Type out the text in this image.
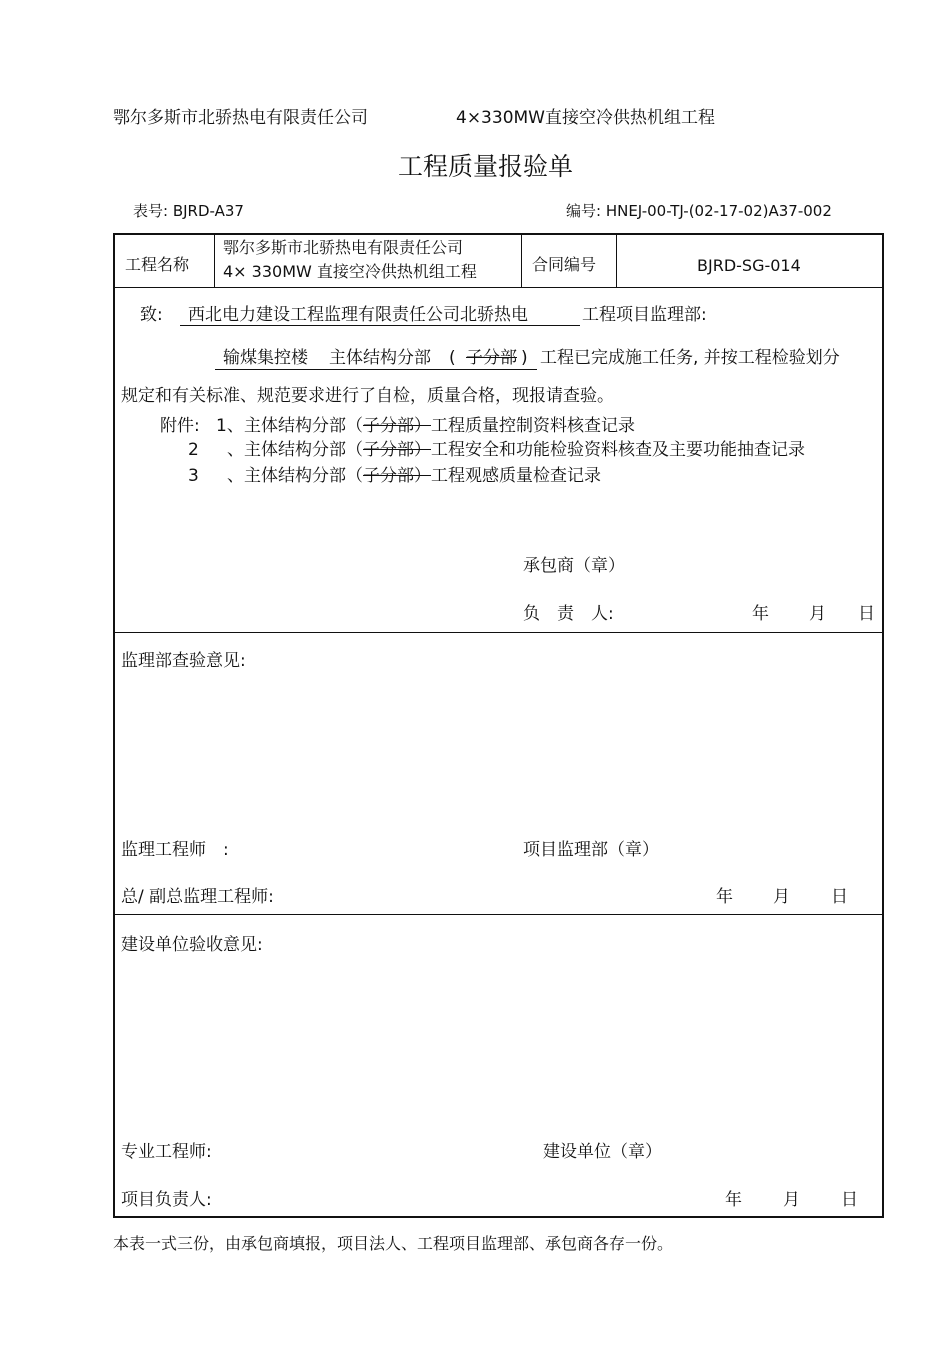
鄂尔多斯市北骄热电有限责任公司	4×330MW直接空冷供热机组工程
工程质量报验单
表号: BJRD-A37	编号: HNEJ-00-TJ-(02-17-02)A37-002
工程名称
鄂尔多斯市北骄热电有限责任公司
4× 330MW 直接空冷供热机组工程	合同编号	BJRD-SG-014
致:	西北电力建设工程监理有限责任公司北骄热电	工程项目监理部:
输煤集控楼 主体结构分部 ( 子分部 ) 工程已完成施工任务, 并按工程检验划分
规定和有关标准、规范要求进行了自检，质量合格，现报请查验。
附件: 1、 主体结构分部（子分部）工程质量控制资料核查记录
2 、主体结构分部（子分部）工程安全和功能检验资料核查及主要功能抽查记录
3 、主体结构分部（子分部）工程观感质量检查记录
承包商（章）
负　责　人:	年 月 日
监理部查验意见:
监理工程师　:	项目监理部（章）
总/ 副总监理工程师:	年 月 日
建设单位验收意见:
专业工程师:	建设单位（章）
项目负责人:	年 月 日
本表一式三份，由承包商填报，项目法人、工程项目监理部、承包商各存一份。
